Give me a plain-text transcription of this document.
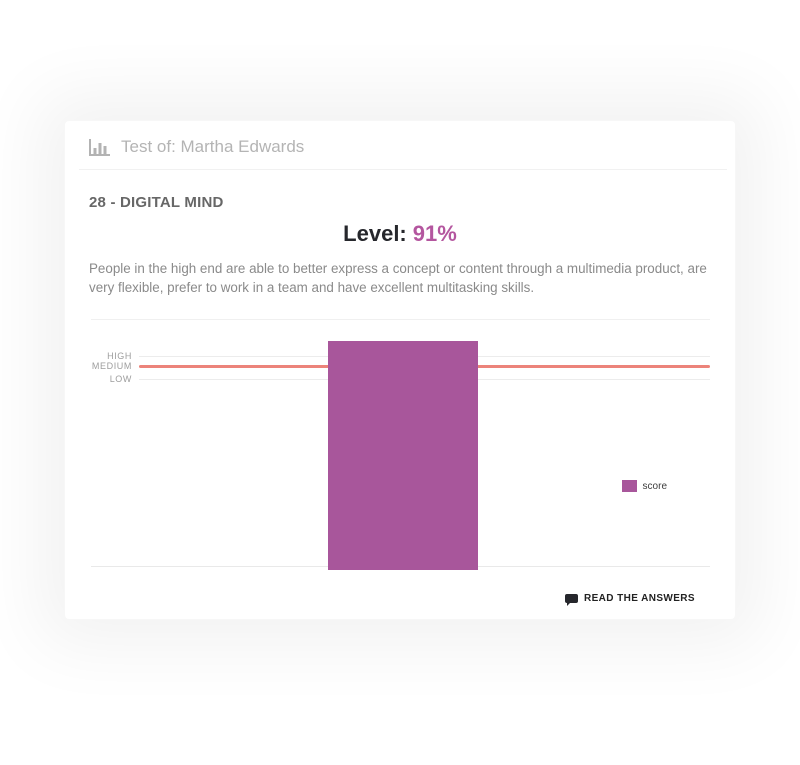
Test of: Martha Edwards
28 - DIGITAL MIND
Level: 91%

People in the high end are able to better express a concept or content through a multimedia product, are very flexible, prefer to work in a team and have excellent multitasking skills.

HIGH
MEDIUM
LOW
score
READ THE ANSWERS
